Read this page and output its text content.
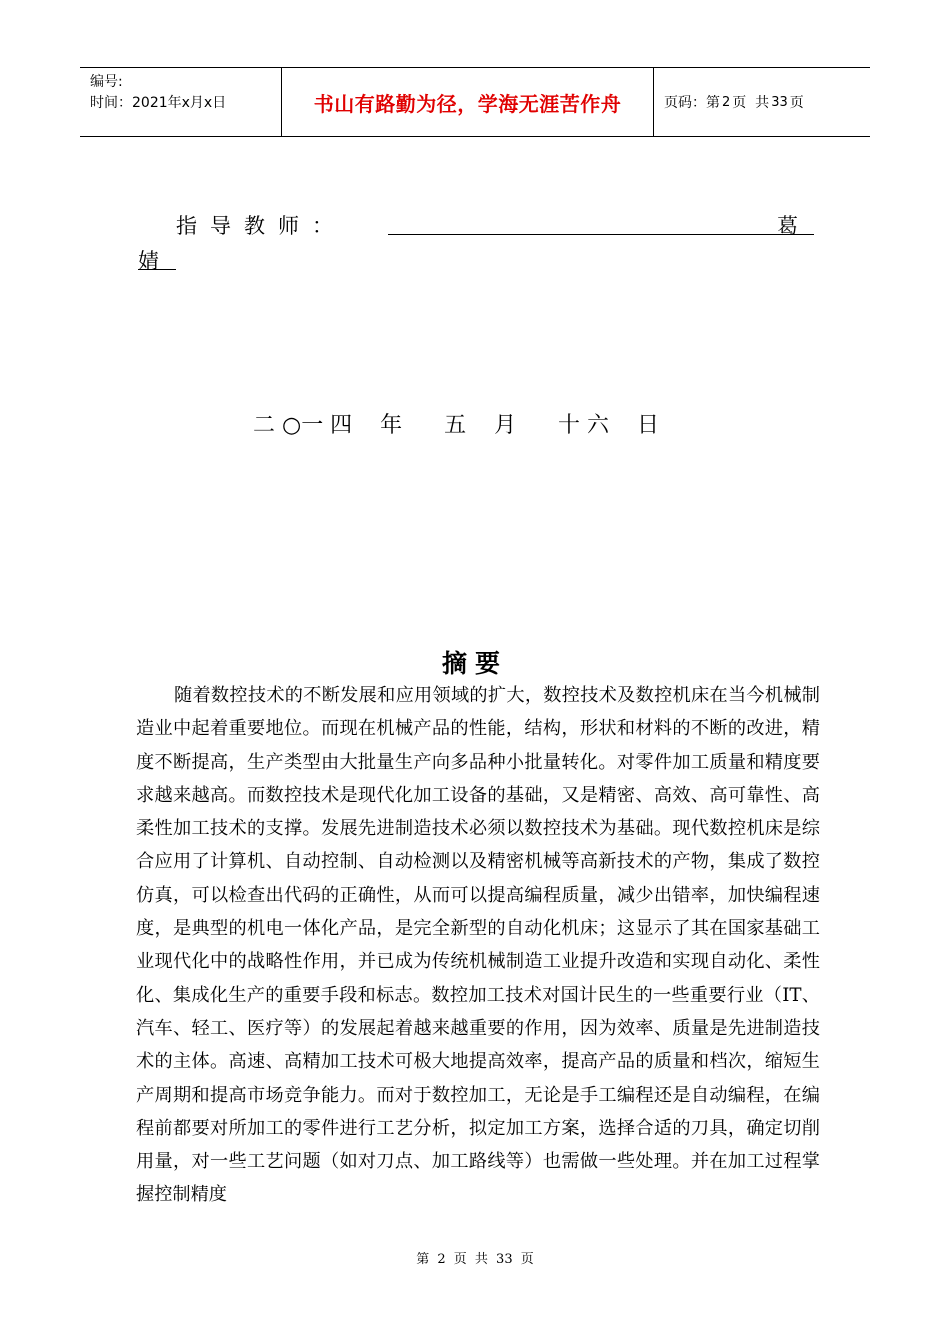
编号:
时间：2021年x月x日	书山有路勤为径，学海无涯苦作舟	页码：第 2 页  共 33 页
指导教师：	葛
婧
二 ○一 四    年      五    月      十 六    日
摘要

随着数控技术的不断发展和应用领域的扩大，数控技术及数控机床在当今机械制造业中起着重要地位。而现在机械产品的性能，结构，形状和材料的不断的改进，精度不断提高，生产类型由大批量生产向多品种小批量转化。对零件加工质量和精度要求越来越高。而数控技术是现代化加工设备的基础，又是精密、高效、高可靠性、高柔性加工技术的支撑。发展先进制造技术必须以数控技术为基础。现代数控机床是综合应用了计算机、自动控制、自动检测以及精密机械等高新技术的产物，集成了数控仿真，可以检查出代码的正确性，从而可以提高编程质量，减少出错率，加快编程速度，是典型的机电一体化产品，是完全新型的自动化机床；这显示了其在国家基础工业现代化中的战略性作用，并已成为传统机械制造工业提升改造和实现自动化、柔性化、集成化生产的重要手段和标志。数控加工技术对国计民生的一些重要行业（IT、汽车、轻工、医疗等）的发展起着越来越重要的作用，因为效率、质量是先进制造技术的主体。高速、高精加工技术可极大地提高效率，提高产品的质量和档次，缩短生产周期和提高市场竞争能力。而对于数控加工，无论是手工编程还是自动编程，在编程前都要对所加工的零件进行工艺分析，拟定加工方案，选择合适的刀具，确定切削用量，对一些工艺问题（如对刀点、加工路线等）也需做一些处理。并在加工过程掌握控制精度

第 2 页 共 33 页
